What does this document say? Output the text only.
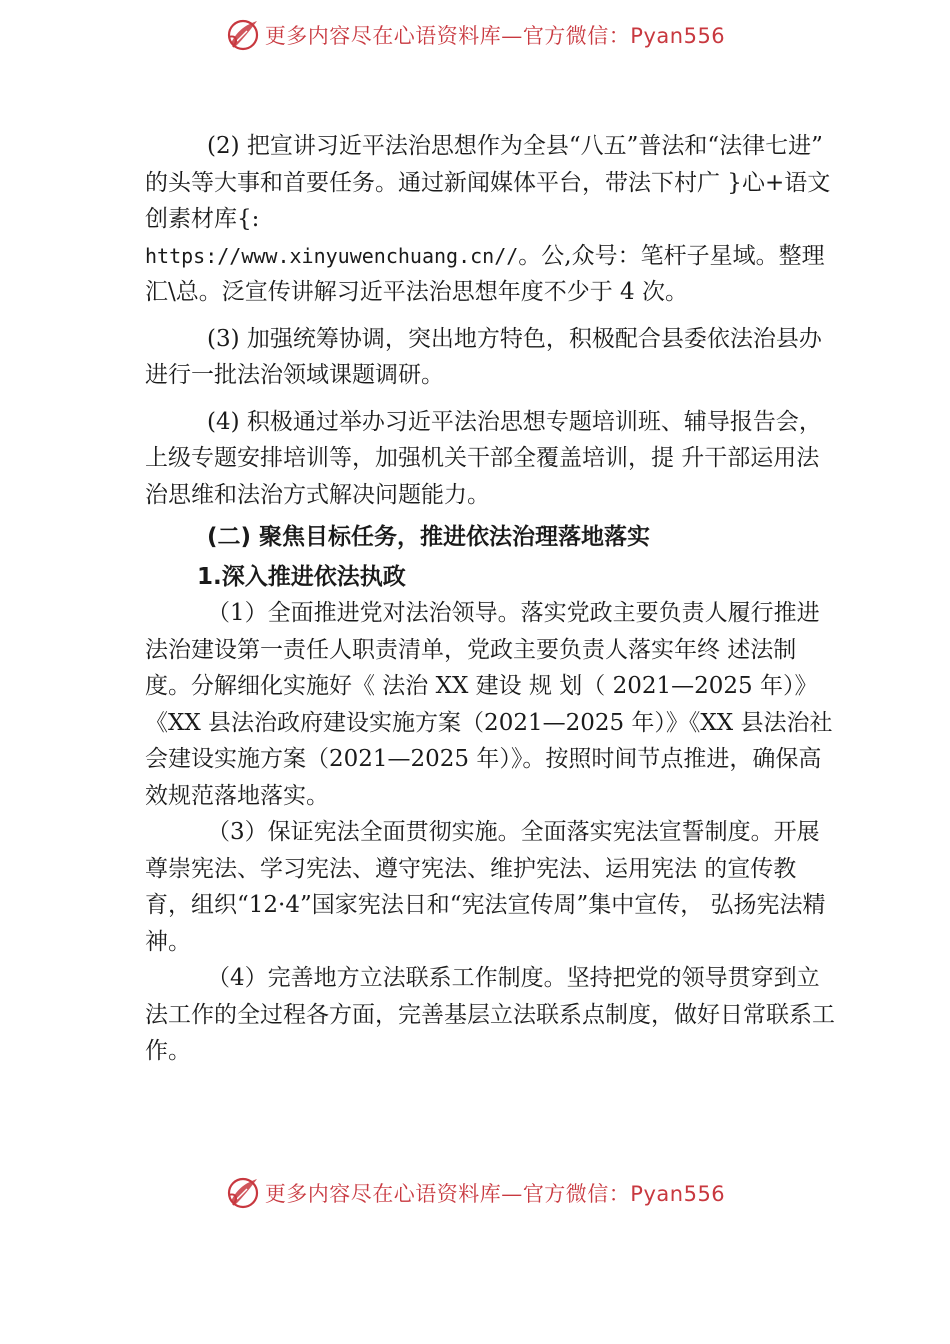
更多内容尽在心语资料库—官方微信：Pyan556

(2) 把宣讲习近平法治思想作为全县“八五”普法和“法律七进” 的头等大事和首要任务。通过新闻媒体平台，带法下村广 }心+语文创素材库{:
https://www.xinyuwenchuang.cn//。公,众号：笔杆子星域。整理汇\总。泛宣传讲解习近平法治思想年度不少于 4 次。

(3) 加强统筹协调，突出地方特色，积极配合县委依法治县办进行一批法治领域课题调研。

(4) 积极通过举办习近平法治思想专题培训班、辅导报告会，上级专题安排培训等，加强机关干部全覆盖培训，提 升干部运用法治思维和法治方式解决问题能力。

(二) 聚焦目标任务，推进依法治理落地落实
1.深入推进依法执政

（1）全面推进党对法治领导。落实党政主要负责人履行推进法治建设第一责任人职责清单，党政主要负责人落实年终 述法制度。分解细化实施好《 法治 XX 建设 规 划（ 2021—2025 年）》《XX 县法治政府建设实施方案（2021—2025 年）》《XX 县法治社会建设实施方案（2021—2025 年）》。按照时间节点推进，确保高效规范落地落实。

（3）保证宪法全面贯彻实施。全面落实宪法宣誓制度。开展尊崇宪法、学习宪法、遵守宪法、维护宪法、运用宪法 的宣传教育，组织“12·4”国家宪法日和“宪法宣传周”集中宣传， 弘扬宪法精神。

（4）完善地方立法联系工作制度。坚持把党的领导贯穿到立法工作的全过程各方面，完善基层立法联系点制度，做好日常联系工作。

更多内容尽在心语资料库—官方微信：Pyan556
